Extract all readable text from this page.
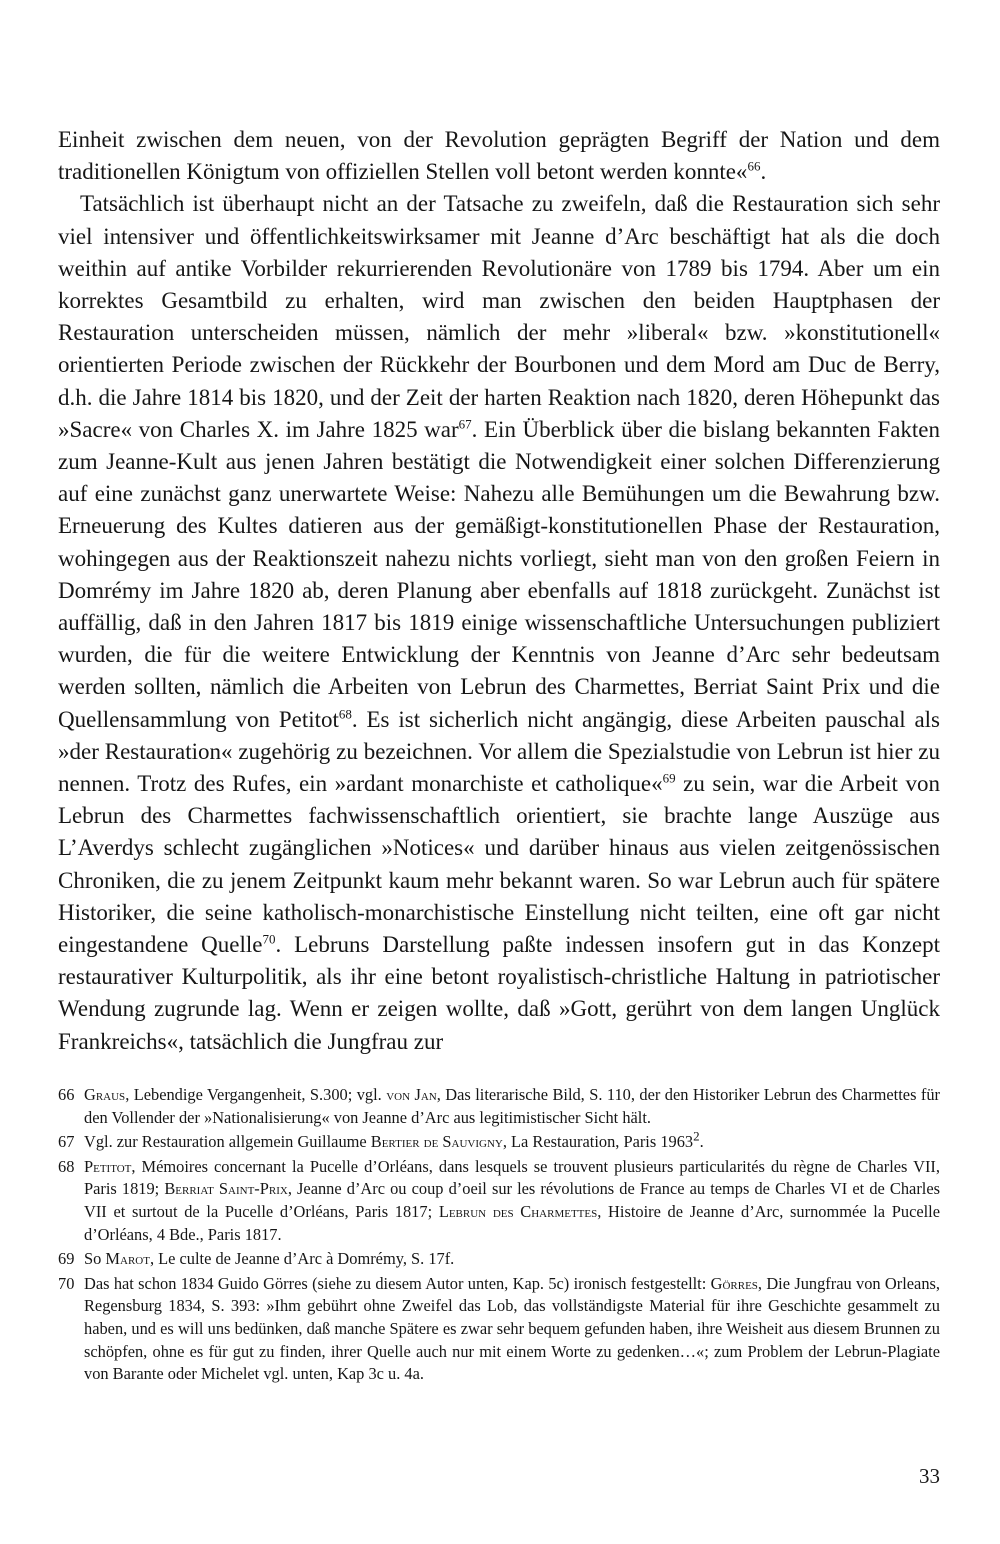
Einheit zwischen dem neuen, von der Revolution geprägten Begriff der Nation und dem traditionellen Königtum von offiziellen Stellen voll betont werden konnte«$^{66}$.

Tatsächlich ist überhaupt nicht an der Tatsache zu zweifeln, daß die Restauration sich sehr viel intensiver und öffentlichkeitswirksamer mit Jeanne d’Arc beschäftigt hat als die doch weithin auf antike Vorbilder rekurrierenden Revolutionäre von 1789 bis 1794. Aber um ein korrektes Gesamtbild zu erhalten, wird man zwischen den beiden Hauptphasen der Restauration unterscheiden müssen, nämlich der mehr »liberal« bzw. »konstitutionell« orientierten Periode zwischen der Rückkehr der Bourbonen und dem Mord am Duc de Berry, d.h. die Jahre 1814 bis 1820, und der Zeit der harten Reaktion nach 1820, deren Höhepunkt das »Sacre« von Charles X. im Jahre 1825 war$^{67}$. Ein Überblick über die bislang bekannten Fakten zum Jeanne-Kult aus jenen Jahren bestätigt die Notwendigkeit einer solchen Differenzierung auf eine zunächst ganz unerwartete Weise: Nahezu alle Bemühungen um die Bewahrung bzw. Erneuerung des Kultes datieren aus der gemäßigt-konstitutionellen Phase der Restauration, wohingegen aus der Reaktionszeit nahezu nichts vorliegt, sieht man von den großen Feiern in Domrémy im Jahre 1820 ab, deren Planung aber ebenfalls auf 1818 zurückgeht. Zunächst ist auffällig, daß in den Jahren 1817 bis 1819 einige wissenschaftliche Untersuchungen publiziert wurden, die für die weitere Entwicklung der Kenntnis von Jeanne d’Arc sehr bedeutsam werden sollten, nämlich die Arbeiten von Lebrun des Charmettes, Berriat Saint Prix und die Quellensammlung von Petitot$^{68}$. Es ist sicherlich nicht angängig, diese Arbeiten pauschal als »der Restauration« zugehörig zu bezeichnen. Vor allem die Spezialstudie von Lebrun ist hier zu nennen. Trotz des Rufes, ein »ardant monarchiste et catholique«$^{69}$ zu sein, war die Arbeit von Lebrun des Charmettes fachwissenschaftlich orientiert, sie brachte lange Auszüge aus L’Averdys schlecht zugänglichen »Notices« und darüber hinaus aus vielen zeitgenössischen Chroniken, die zu jenem Zeitpunkt kaum mehr bekannt waren. So war Lebrun auch für spätere Historiker, die seine katholisch-monarchistische Einstellung nicht teilten, eine oft gar nicht eingestandene Quelle$^{70}$. Lebruns Darstellung paßte indessen insofern gut in das Konzept restaurativer Kulturpolitik, als ihr eine betont royalistisch-christliche Haltung in patriotischer Wendung zugrunde lag. Wenn er zeigen wollte, daß »Gott, gerührt von dem langen Unglück Frankreichs«, tatsächlich die Jungfrau zur

66 Graus, Lebendige Vergangenheit, S.300; vgl. von Jan, Das literarische Bild, S. 110, der den Historiker Lebrun des Charmettes für den Vollender der »Nationalisierung« von Jeanne d’Arc aus legitimistischer Sicht hält.
67 Vgl. zur Restauration allgemein Guillaume Bertier de Sauvigny, La Restauration, Paris 1963$^2$.
68 Petitot, Mémoires concernant la Pucelle d’Orléans, dans lesquels se trouvent plusieurs particularités du règne de Charles VII, Paris 1819; Berriat Saint-Prix, Jeanne d’Arc ou coup d’oeil sur les révolutions de France au temps de Charles VI et de Charles VII et surtout de la Pucelle d’Orléans, Paris 1817; Lebrun des Charmettes, Histoire de Jeanne d’Arc, surnommée la Pucelle d’Orléans, 4 Bde., Paris 1817.
69 So Marot, Le culte de Jeanne d’Arc à Domrémy, S. 17f.
70 Das hat schon 1834 Guido Görres (siehe zu diesem Autor unten, Kap. 5c) ironisch festgestellt: Görres, Die Jungfrau von Orleans, Regensburg 1834, S. 393: »Ihm gebührt ohne Zweifel das Lob, das vollständigste Material für ihre Geschichte gesammelt zu haben, und es will uns bedünken, daß manche Spätere es zwar sehr bequem gefunden haben, ihre Weisheit aus diesem Brunnen zu schöpfen, ohne es für gut zu finden, ihrer Quelle auch nur mit einem Worte zu gedenken…«; zum Problem der Lebrun-Plagiate von Barante oder Michelet vgl. unten, Kap 3c u. 4a.
33
